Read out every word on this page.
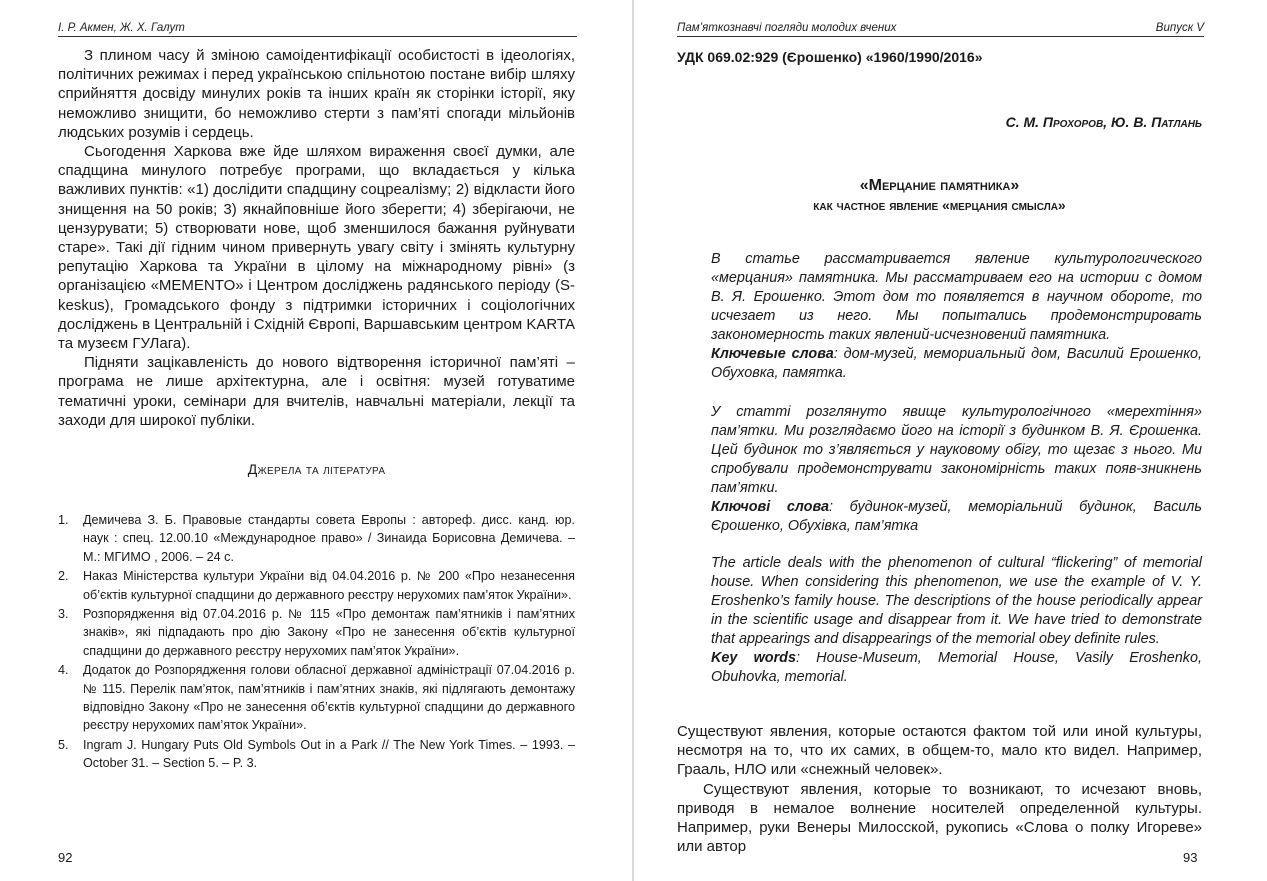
І. Р. Акмен, Ж. Х. Галут

З плином часу й зміною самоідентифікації особистості в ідеологіях, політичних режимах і перед українською спільнотою постане вибір шляху сприйняття досвіду минулих років та інших країн як сторінки історії, яку неможливо знищити, бо неможливо стерти з пам’яті спогади мільйонів людських розумів і сердець.

Сьогодення Харкова вже йде шляхом вираження своєї думки, але спадщина минулого потребує програми, що вкладається у кілька важливих пунктів: «1) дослідити спадщину соцреалізму; 2) відкласти його знищення на 50 років; 3) якнайповніше його зберегти; 4) зберігаючи, не цензурувати; 5) створювати нове, щоб зменшилося бажання руйнувати старе». Такі дії гідним чином привернуть увагу світу і змінять культурну репутацію Харкова та України в цілому на міжнародному рівні» (з організацією «MEMENTO» і Центром досліджень радянського періоду (S-keskus), Громадського фонду з підтримки історичних і соціологічних досліджень в Центральній і Східній Європі, Варшавським центром KARTA та музеєм ГУЛага).

Підняти зацікавленість до нового відтворення історичної пам’яті – програма не лише архітектурна, але і освітня: музей готуватиме тематичні уроки, семінари для вчителів, навчальні матеріали, лекції та заходи для широкої публіки.

Джерела та література
1. Демичева З. Б. Правовые стандарты совета Европы : автореф. дисс. канд. юр. наук : спец. 12.00.10 «Международное право» / Зинаида Борисовна Демичева. – М.: МГИМО , 2006. – 24 с.
2. Наказ Міністерства культури України від 04.04.2016 р. № 200 «Про незанесення об’єктів культурної спадщини до державного реєстру нерухомих пам’яток України».
3. Розпорядження від 07.04.2016 р. № 115 «Про демонтаж пам’ятників і пам’ятних знаків», які підпадають про дію Закону «Про не занесення об’єктів культурної спадщини до державного реєстру нерухомих пам’яток України».
4. Додаток до Розпорядження голови обласної державної адміністрації 07.04.2016 р. № 115. Перелік пам’яток, пам’ятників і пам’ятних знаків, які підлягають демонтажу відповідно Закону «Про не занесення об’єктів культурної спадщини до державного реєстру нерухомих пам’яток України».
5. Ingram J. Hungary Puts Old Symbols Out in a Park // The New York Times. – 1993. – October 31. – Section 5. – P. 3.
92
Пам’яткознавчі погляди молодих вчених	Випуск V
УДК 069.02:929 (Єрошенко) «1960/1990/2016»
С. М. Прохоров, Ю. В. Патлань
«Мерцание памятника»
как частное явление «мерцания смысла»

В статье рассматривается явление культурологического «мерцания» памятника. Мы рассматриваем его на истории с домом В. Я. Ерошенко. Этот дом то появляется в научном обороте, то исчезает из него. Мы попытались продемонстрировать закономерность таких явлений-исчезновений памятника.

Ключевые слова: дом-музей, мемориальный дом, Василий Ерошенко, Обуховка, памятка.

У статті розглянуто явище культурологічного «мерехтіння» пам’ятки. Ми розглядаємо його на історії з будинком В. Я. Єрошенка. Цей будинок то з’являється у науковому обігу, то щезає з нього. Ми спробували продемонструвати закономірність таких появ-зникнень пам’ятки.

Ключові слова: будинок-музей, меморіальний будинок, Василь Єрошенко, Обухівка, пам’ятка

The article deals with the phenomenon of cultural “flickering” of memorial house. When considering this phenomenon, we use the example of V. Y. Eroshenko’s family house. The descriptions of the house periodically appear in the scientific usage and disappear from it. We have tried to demonstrate that appearings and disappearings of the memorial obey definite rules.

Key words: House-Museum, Memorial House, Vasily Eroshenko, Obuhovka, memorial.

Существуют явления, которые остаются фактом той или иной культуры, несмотря на то, что их самих, в общем-то, мало кто видел. Например, Грааль, НЛО или «снежный человек».

Существуют явления, которые то возникают, то исчезают вновь, приводя в немалое волнение носителей определенной культуры. Например, руки Венеры Милосской, рукопись «Слова о полку Игореве» или автор

93
